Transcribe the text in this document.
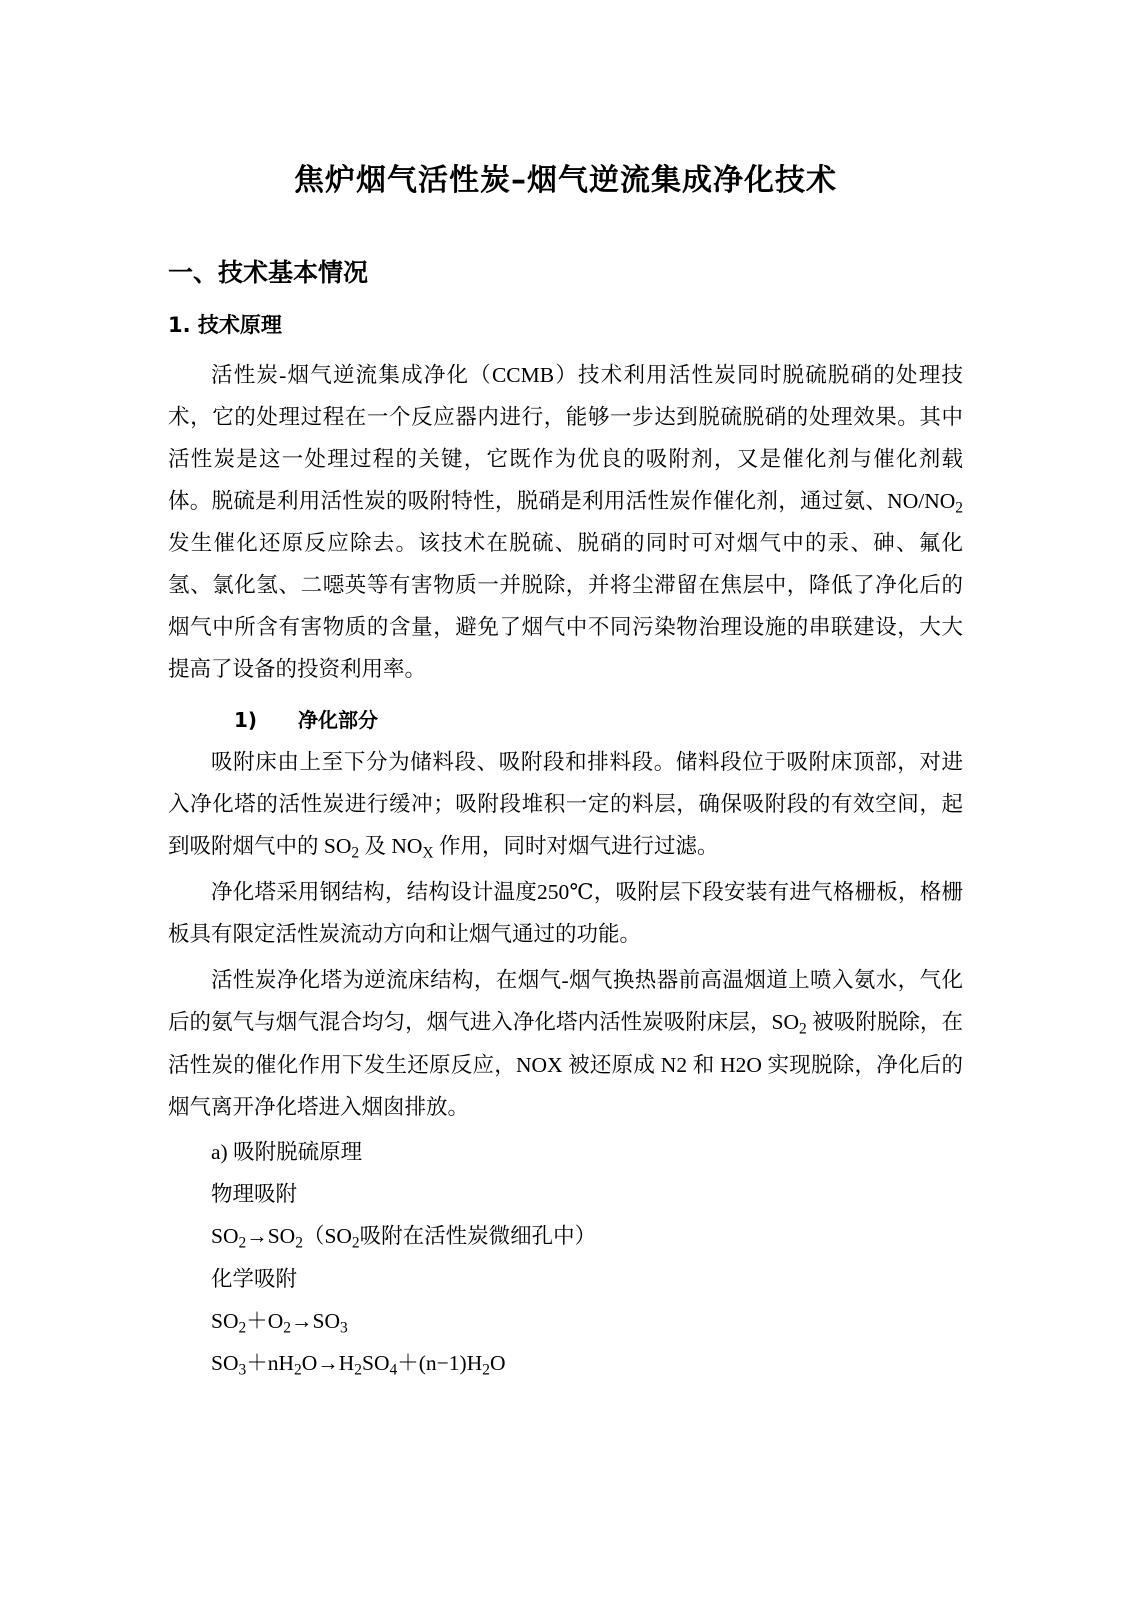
焦炉烟气活性炭–烟气逆流集成净化技术
一、技术基本情况
1. 技术原理

活性炭-烟气逆流集成净化（CCMB）技术利用活性炭同时脱硫脱硝的处理技术，它的处理过程在一个反应器内进行，能够一步达到脱硫脱硝的处理效果。其中活性炭是这一处理过程的关键，它既作为优良的吸附剂，又是催化剂与催化剂载体。脱硫是利用活性炭的吸附特性，脱硝是利用活性炭作催化剂，通过氨、$NO/NO_2$发生催化还原反应除去。该技术在脱硫、脱硝的同时可对烟气中的汞、砷、氟化氢、氯化氢、二噁英等有害物质一并脱除，并将尘滞留在焦层中，降低了净化后的烟气中所含有害物质的含量，避免了烟气中不同污染物治理设施的串联建设，大大提高了设备的投资利用率。

1) 净化部分

吸附床由上至下分为储料段、吸附段和排料段。储料段位于吸附床顶部，对进入净化塔的活性炭进行缓冲；吸附段堆积一定的料层，确保吸附段的有效空间，起到吸附烟气中的 $SO_2$ 及 $NO_X$ 作用，同时对烟气进行过滤。

净化塔采用钢结构，结构设计温度250℃，吸附层下段安装有进气格栅板，格栅板具有限定活性炭流动方向和让烟气通过的功能。

活性炭净化塔为逆流床结构，在烟气-烟气换热器前高温烟道上喷入氨水，气化后的氨气与烟气混合均匀，烟气进入净化塔内活性炭吸附床层，$SO_2$ 被吸附脱除，在活性炭的催化作用下发生还原反应，NOX 被还原成 N2 和 H2O 实现脱除，净化后的烟气离开净化塔进入烟囱排放。

a) 吸附脱硫原理

物理吸附

$SO_2\to SO_2(SO_2$吸附在活性炭微细孔中）

化学吸附

$SO_2+O_2\to SO_3$

$SO_3+nH_2O\to H_2SO_4+(n-1)H_2O$
